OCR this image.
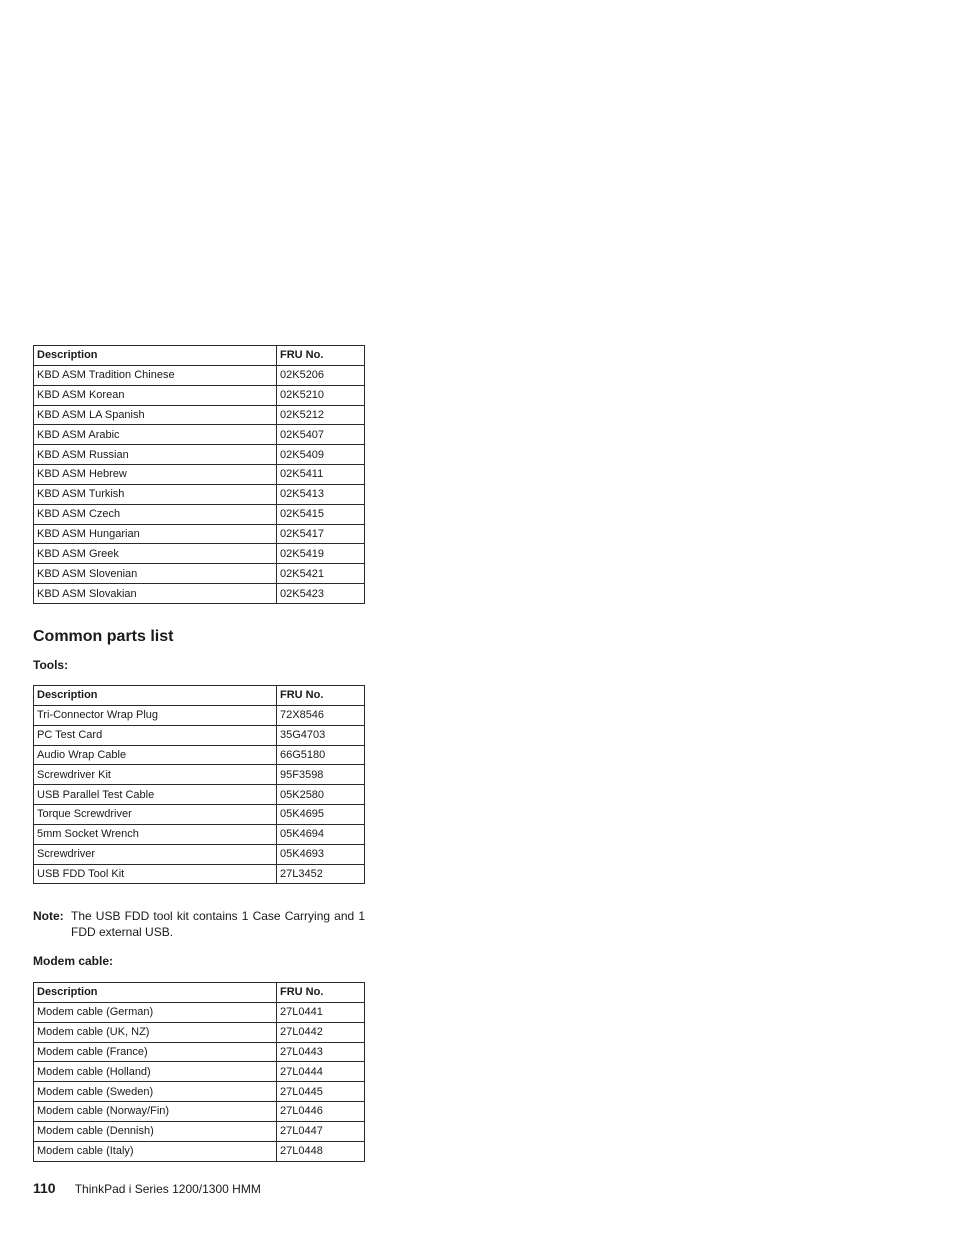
Description	FRU No.
KBD ASM Tradition Chinese	02K5206
KBD ASM Korean	02K5210
KBD ASM LA Spanish	02K5212
KBD ASM Arabic	02K5407
KBD ASM Russian	02K5409
KBD ASM Hebrew	02K5411
KBD ASM Turkish	02K5413
KBD ASM Czech	02K5415
KBD ASM Hungarian	02K5417
KBD ASM Greek	02K5419
KBD ASM Slovenian	02K5421
KBD ASM Slovakian	02K5423
Common parts list
Tools:
Description	FRU No.
Tri-Connector Wrap Plug	72X8546
PC Test Card	35G4703
Audio Wrap Cable	66G5180
Screwdriver Kit	95F3598
USB Parallel Test Cable	05K2580
Torque Screwdriver	05K4695
5mm Socket Wrench	05K4694
Screwdriver	05K4693
USB FDD Tool Kit	27L3452
Note: The USB FDD tool kit contains 1 Case Carrying and 1 FDD external USB.
Modem cable:
Description	FRU No.
Modem cable (German)	27L0441
Modem cable (UK, NZ)	27L0442
Modem cable (France)	27L0443
Modem cable (Holland)	27L0444
Modem cable (Sweden)	27L0445
Modem cable (Norway/Fin)	27L0446
Modem cable (Dennish)	27L0447
Modem cable (Italy)	27L0448
110 ThinkPad i Series 1200/1300 HMM
